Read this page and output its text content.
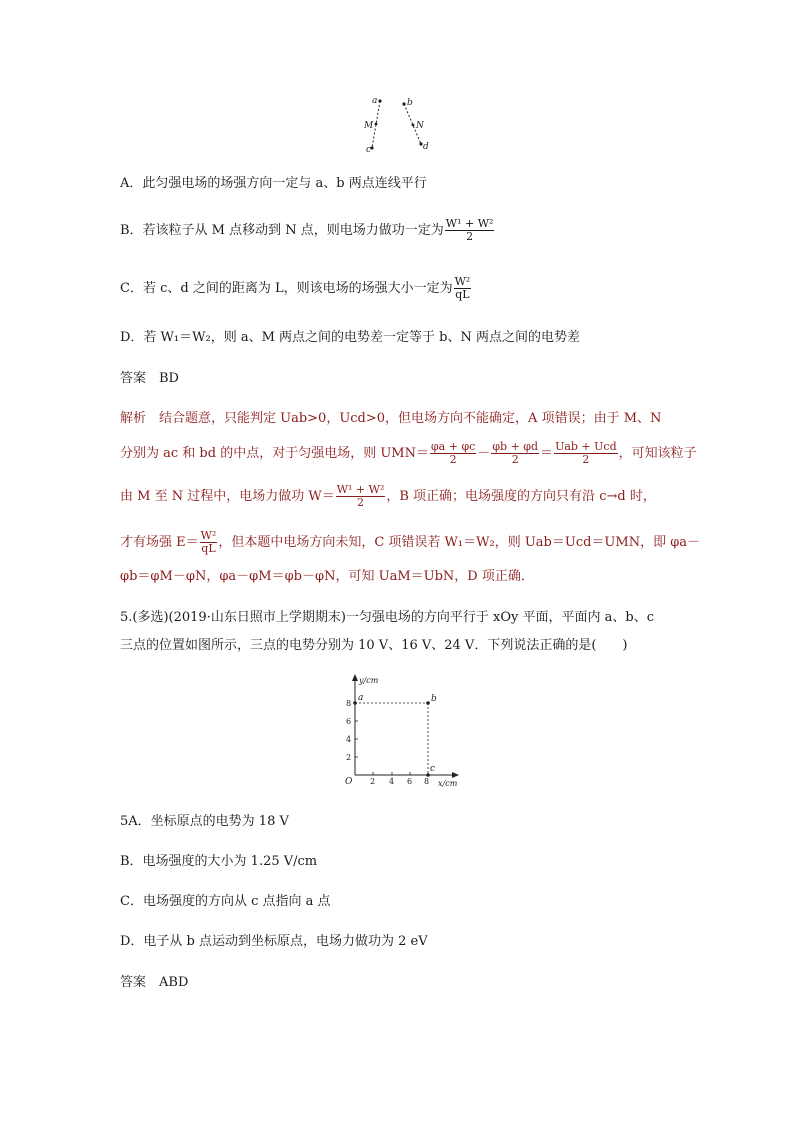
a
M
c
b
N
d
A．此匀强电场的场强方向一定与 a、b 两点连线平行
B．若该粒子从 M 点移动到 N 点，则电场力做功一定为 $\frac{\text{W¹ + W²}}{2}$
C．若 c、d 之间的距离为 L，则该电场的场强大小一定为 $\frac{\text{W²}}{qL}$
D．若 W₁＝W₂，则 a、M 两点之间的电势差一定等于 b、N 两点之间的电势差
答案　BD
解析　结合题意，只能判定 Uab>0，Ucd>0，但电场方向不能确定，A 项错误；由于 M、N
分别为 ac 和 bd 的中点，对于匀强电场，则 $UMN= \frac{\varphi a + \varphi c}{2} - \frac{\varphi b + \varphi d}{2} = \frac{\text{Uab + Ucd}}{2}$ ，可知该粒子
由 M 至 N 过程中，电场力做功 $W= \frac{\text{W¹ + W²}}{2}$ ，B 项正确；电场强度的方向只有沿 c→d 时，
才有场强 $E= \frac{\text{W²}}{qL}$ ，但本题中电场方向未知，C 项错误若 W₁＝W₂，则 Uab＝Ucd＝UMN，即 φa－
φb＝φM－φN，φa－φM＝φb－φN，可知 UaM＝UbN，D 项正确．
5.(多选)(2019·山东日照市上学期期末)一匀强电场的方向平行于 xOy 平面，平面内 a、b、c
三点的位置如图所示，三点的电势分别为 10 V、16 V、24 V．下列说法正确的是(　　)
y/cm
x/cm
O
8
6
4
2
2 4 6 8
a	b
c
5A．坐标原点的电势为 18 V
B．电场强度的大小为 1.25 V/cm
C．电场强度的方向从 c 点指向 a 点
D．电子从 b 点运动到坐标原点，电场力做功为 2 eV
答案　ABD
